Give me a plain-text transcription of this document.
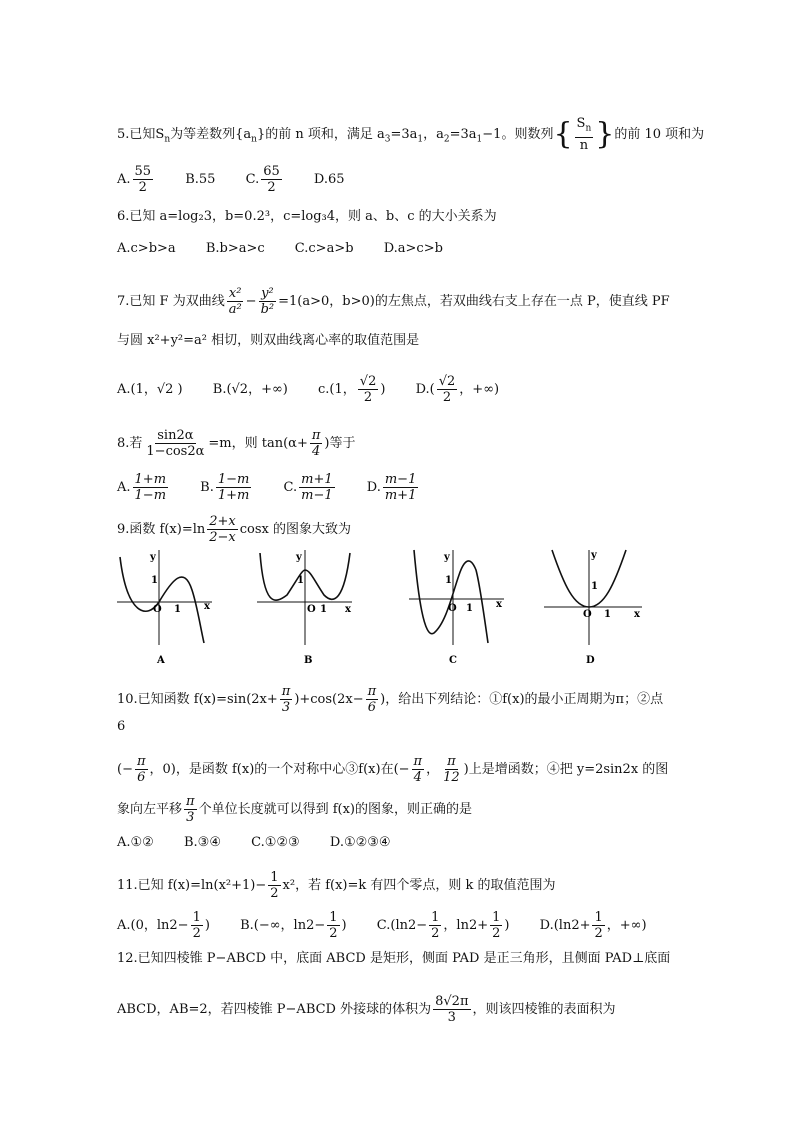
5.已知$S_n$为等差数列$\{a_n\}$的前 n 项和，满足 $a_3=3a_1$，$a_2=3a_1-1$。则数列{ $\frac{S_n}{n}$ }的前 10 项和为
A. $\frac{55}{2} B.55$ C. $\frac{65}{2} D.65$
6.已知 a=log₂3，b=0.2³，c=log₃4，则 a、b、c 的大小关系为
A.c>b>a B.b>a>c C.c>a>b D.a>c>b
7.已知 F 为双曲线 $\frac{\text{x²}}{\text{a²}} - \frac{\text{y²}}{\text{b²}} =1(a>0$，b>0)的左焦点，若双曲线右支上存在一点 P，使直线 PF
与圆 x²+y²=a² 相切，则双曲线离心率的取值范围是
A.(1，√2 ) B.(√2，+∞) c.(1， $\frac{√2}{2}$ ) $D.( \frac{√2}{2}$ ，+∞)
8.若 $\frac{\sin 2\alpha}{1-\cos 2\alpha} =m$，则 $\tan(\alpha+ \frac{\pi}{4}$ )等于
A. $\frac{1+m}{1-m} B$. $\frac{1-m}{1+m} C$. $\frac{m+1}{m-1} D$. $\frac{m-1}{m+1}$
9.函数 $f(x)=\ln \frac{2+x}{2-x}$ cosx 的图象大致为
y
1
O 1 x
A
y
1
O 1 x
B
y
1
O 1 x
C
y
1
O 1 x
D
10.已知函数 $f(x)=\sin(2x+ \frac{\pi}{3} )+\cos(2x- \frac{\pi}{6}$ )，给出下列结论：①f(x)的最小正周期为π；②点
6
(− $\frac{\pi}{6}$ ，0)，是函数 f(x)的一个对称中心③f(x)在(− $\frac{\pi}{4}$ ， $\frac{\pi}{12}$ )上是增函数；④把 y=2sin2x 的图
象向左平移 $\frac{\pi}{3}$ 个单位长度就可以得到 f(x)的图象，则正确的是
A.①② B.③④ C.①②③ D.①②③④
11.已知 $f(x)=\ln(x^2+1)- \frac{1}{2} x^2$，若 f(x)=k 有四个零点，则 k 的取值范围为
A.(0，$\ln 2- \frac{1}{2}$ ) B.(−∞，$\ln 2- \frac{1}{2}$ ) $C.(\ln 2- \frac{1}{2}$ ，$\ln 2+ \frac{1}{2}$ ) $D.(\ln 2+ \frac{1}{2}$ ，+∞)
12.已知四棱锥 P−ABCD 中，底面 ABCD 是矩形，侧面 PAD 是正三角形，且侧面 PAD⊥底面
ABCD，AB=2，若四棱锥 P−ABCD 外接球的体积为 $\frac{8√2\pi}{3}$ ，则该四棱锥的表面积为
